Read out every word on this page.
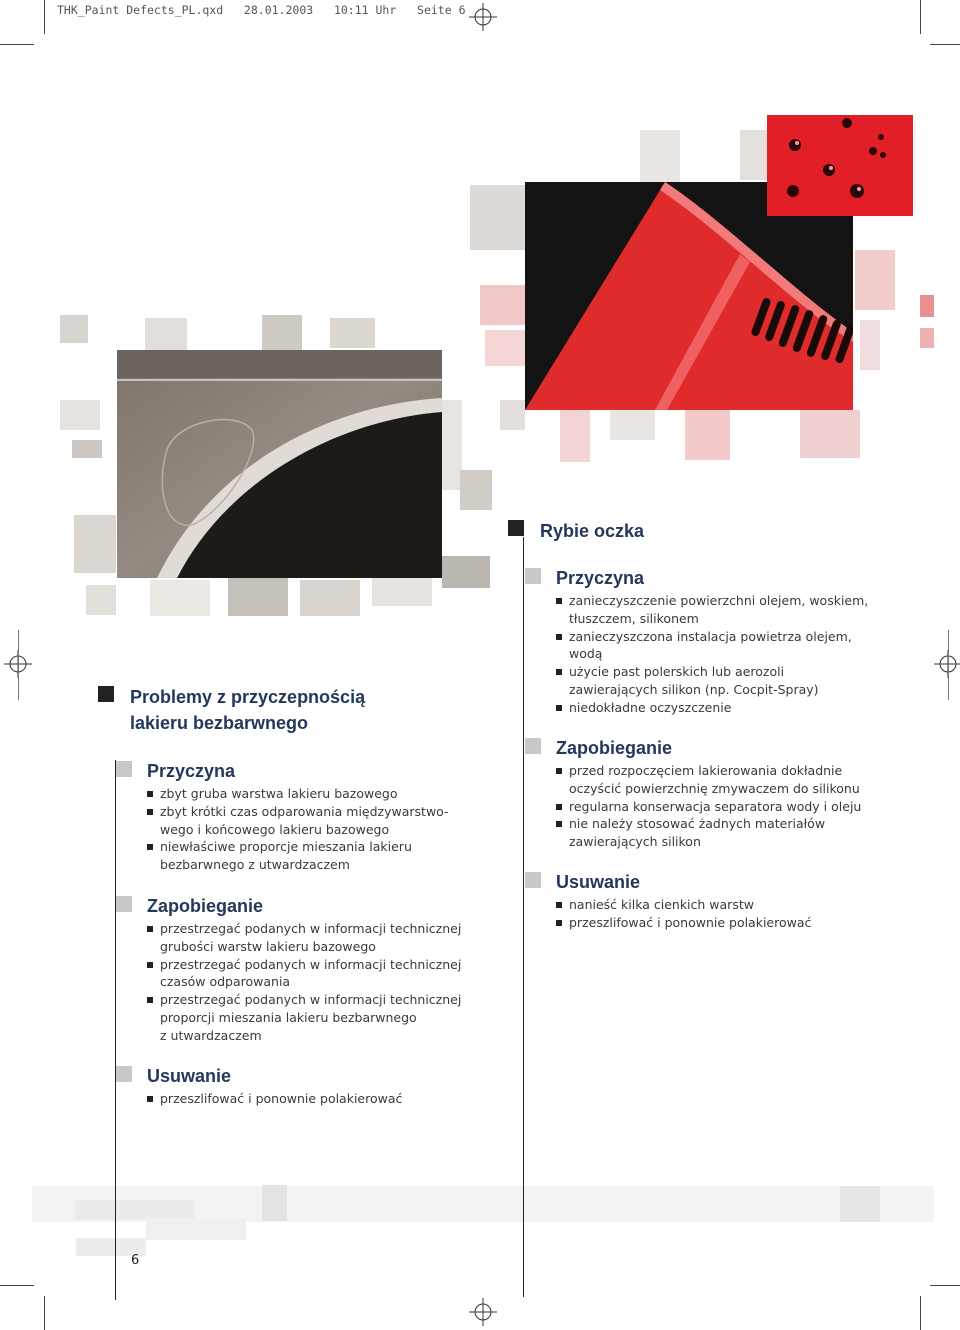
THK_Paint Defects_PL.qxd   28.01.2003   10:11 Uhr   Seite 6
Problemy z przyczepnością
lakieru bezbarwnego
Przyczyna
zbyt gruba warstwa lakieru bazowego
zbyt krótki czas odparowania międzywarstwo-
wego i końcowego lakieru bazowego
niewłaściwe proporcje mieszania lakieru
bezbarwnego z utwardzaczem
Zapobieganie
przestrzegać podanych w informacji technicznej
grubości warstw lakieru bazowego
przestrzegać podanych w informacji technicznej
czasów odparowania
przestrzegać podanych w informacji technicznej
proporcji mieszania lakieru bezbarwnego
z utwardzaczem
Usuwanie
przeszlifować i ponownie polakierować
Rybie oczka
Przyczyna
zanieczyszczenie powierzchni olejem, woskiem,
tłuszczem, silikonem
zanieczyszczona instalacja powietrza olejem,
wodą
użycie past polerskich lub aerozoli
zawierających silikon (np. Cocpit-Spray)
niedokładne oczyszczenie
Zapobieganie
przed rozpoczęciem lakierowania dokładnie
oczyścić powierzchnię zmywaczem do silikonu
regularna konserwacja separatora wody i oleju
nie należy stosować żadnych materiałów
zawierających silikon
Usuwanie
nanieść kilka cienkich warstw
przeszlifować i ponownie polakierować
6
